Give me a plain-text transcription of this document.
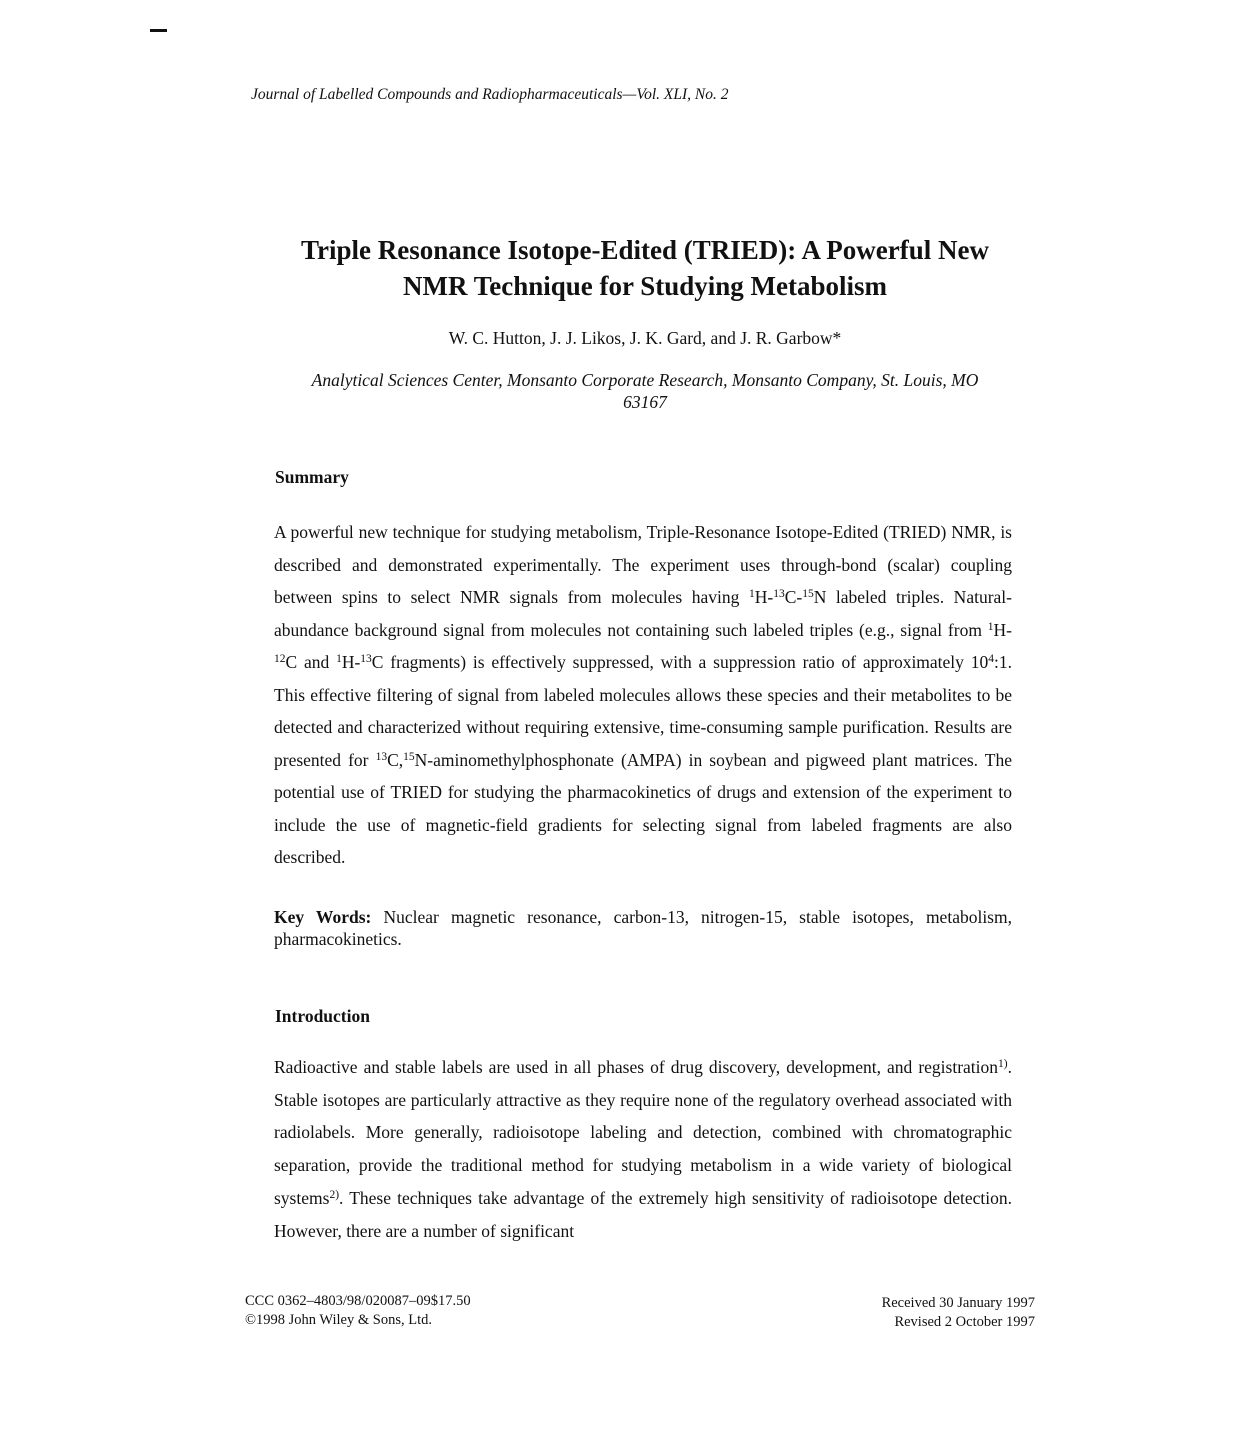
Journal of Labelled Compounds and Radiopharmaceuticals—Vol. XLI, No. 2
Triple Resonance Isotope-Edited (TRIED): A Powerful New
NMR Technique for Studying Metabolism
W. C. Hutton, J. J. Likos, J. K. Gard, and J. R. Garbow*
Analytical Sciences Center, Monsanto Corporate Research, Monsanto Company, St. Louis, MO
63167
Summary
A powerful new technique for studying metabolism, Triple-Resonance Isotope-Edited (TRIED) NMR, is described and demonstrated experimentally. The experiment uses through-bond (scalar) coupling between spins to select NMR signals from molecules having $^1$H-$^{13}$C-$^{15}$N labeled triples. Natural-abundance background signal from molecules not containing such labeled triples (e.g., signal from $^1$H-$^{12}$C and $^1$H-$^{13}$C fragments) is effectively suppressed, with a suppression ratio of approximately $10^4:1$. This effective filtering of signal from labeled molecules allows these species and their metabolites to be detected and characterized without requiring extensive, time-consuming sample purification. Results are presented for $^{13}$C,$^{15}$N-aminomethylphosphonate (AMPA) in soybean and pigweed plant matrices. The potential use of TRIED for studying the pharmacokinetics of drugs and extension of the experiment to include the use of magnetic-field gradients for selecting signal from labeled fragments are also described.
Key Words: Nuclear magnetic resonance, carbon-13, nitrogen-15, stable isotopes, metabolism, pharmacokinetics.
Introduction
Radioactive and stable labels are used in all phases of drug discovery, development, and registration$^{1)}$. Stable isotopes are particularly attractive as they require none of the regulatory overhead associated with radiolabels. More generally, radioisotope labeling and detection, combined with chromatographic separation, provide the traditional method for studying metabolism in a wide variety of biological systems$^{2)}$. These techniques take advantage of the extremely high sensitivity of radioisotope detection. However, there are a number of significant
CCC 0362–4803/98/020087–09$17.50
©1998 John Wiley & Sons, Ltd.
Received 30 January 1997
Revised 2 October 1997
